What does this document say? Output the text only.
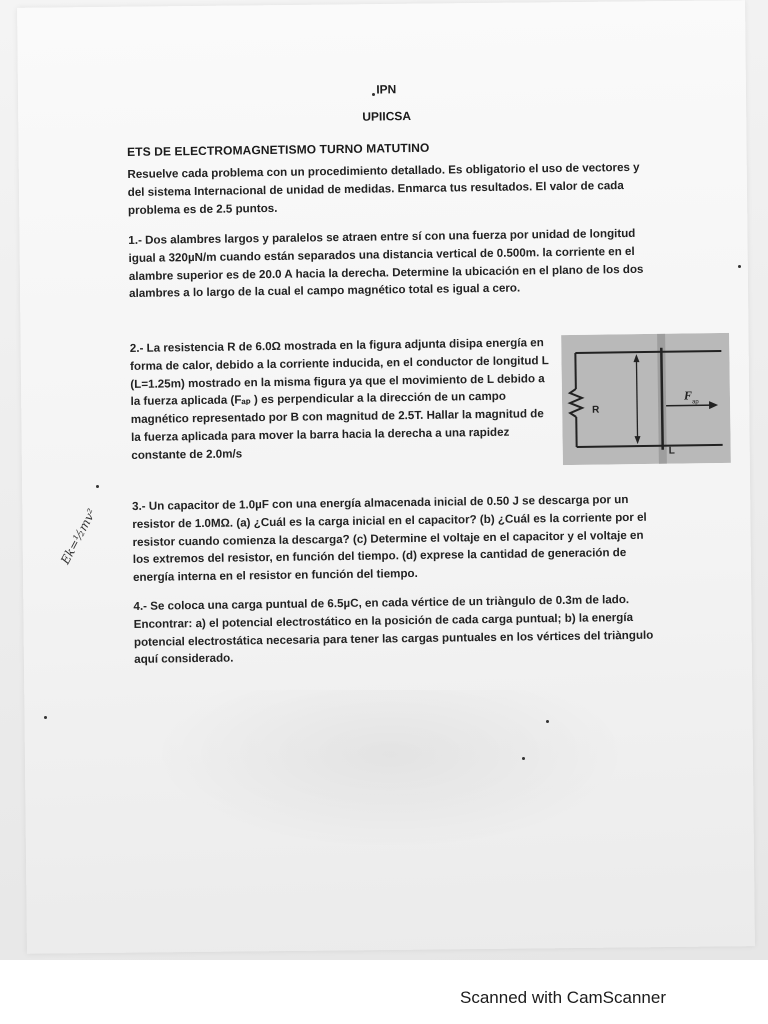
IPN
UPIICSA
ETS DE ELECTROMAGNETISMO TURNO MATUTINO
Resuelve cada problema con un procedimiento detallado. Es obligatorio el uso de vectores y del sistema Internacional de unidad de medidas. Enmarca tus resultados. El valor de cada problema es de 2.5 puntos.
1.- Dos alambres largos y paralelos se atraen entre sí con una fuerza por unidad de longitud igual a 320µN/m cuando están separados una distancia vertical de 0.500m. la corriente en el alambre superior es de 20.0 A hacia la derecha. Determine la ubicación en el plano de los dos alambres a lo largo de la cual el campo magnético total es igual a cero.
2.- La resistencia R de 6.0Ω mostrada en la figura adjunta disipa energía en forma de calor, debido a la corriente inducida, en el conductor de longitud L (L=1.25m) mostrado en la misma figura ya que el movimiento de L debido a la fuerza aplicada (Fₐₚ ) es perpendicular a la dirección de un campo magnético representado por B con magnitud de 2.5T. Hallar la magnitud de la fuerza aplicada para mover la barra hacia la derecha a una rapidez constante de 2.0m/s
3.- Un capacitor de 1.0µF con una energía almacenada inicial de 0.50 J se descarga por un resistor de 1.0MΩ. (a) ¿Cuál es la carga inicial en el capacitor? (b) ¿Cuál es la corriente por el resistor cuando comienza la descarga? (c) Determine el voltaje en el capacitor y el voltaje en los extremos del resistor, en función del tiempo. (d) exprese la cantidad de generación de energía interna en el resistor en función del tiempo.
4.- Se coloca una carga puntual de 6.5µC, en cada vértice de un triàngulo de 0.3m de lado. Encontrar: a) el potencial electrostático en la posición de cada carga puntual; b) la energía potencial electrostática necesaria para tener las cargas puntuales en los vértices del triàngulo aquí considerado.
R
L
F ap
Ek=½mv²
Scanned with CamScanner
